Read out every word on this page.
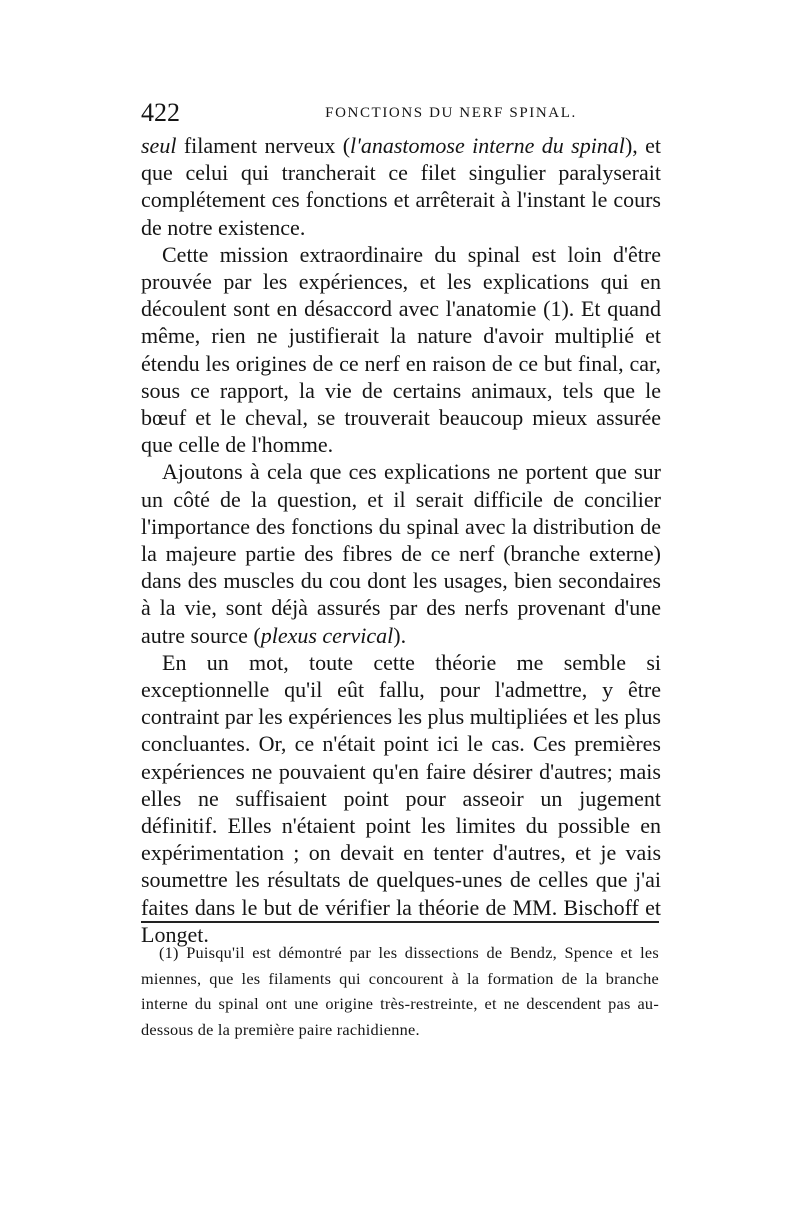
422	FONCTIONS DU NERF SPINAL.

seul filament nerveux (l'anastomose interne du spinal), et que celui qui trancherait ce filet singulier paralyserait complétement ces fonctions et arrêterait à l'instant le cours de notre existence.

Cette mission extraordinaire du spinal est loin d'être prouvée par les expériences, et les explications qui en découlent sont en désaccord avec l'anatomie (1). Et quand même, rien ne justifierait la nature d'avoir multiplié et étendu les origines de ce nerf en raison de ce but final, car, sous ce rapport, la vie de certains animaux, tels que le bœuf et le cheval, se trouverait beaucoup mieux assurée que celle de l'homme.

Ajoutons à cela que ces explications ne portent que sur un côté de la question, et il serait difficile de concilier l'importance des fonctions du spinal avec la distribution de la majeure partie des fibres de ce nerf (branche externe) dans des muscles du cou dont les usages, bien secondaires à la vie, sont déjà assurés par des nerfs provenant d'une autre source (plexus cervical).

En un mot, toute cette théorie me semble si exceptionnelle qu'il eût fallu, pour l'admettre, y être contraint par les expériences les plus multipliées et les plus concluantes. Or, ce n'était point ici le cas. Ces premières expériences ne pouvaient qu'en faire désirer d'autres; mais elles ne suffisaient point pour asseoir un jugement définitif. Elles n'étaient point les limites du possible en expérimentation ; on devait en tenter d'autres, et je vais soumettre les résultats de quelques-unes de celles que j'ai faites dans le but de vérifier la théorie de MM. Bischoff et Longet.

(1) Puisqu'il est démontré par les dissections de Bendz, Spence et les miennes, que les filaments qui concourent à la formation de la branche interne du spinal ont une origine très-restreinte, et ne descendent pas au-dessous de la première paire rachidienne.
